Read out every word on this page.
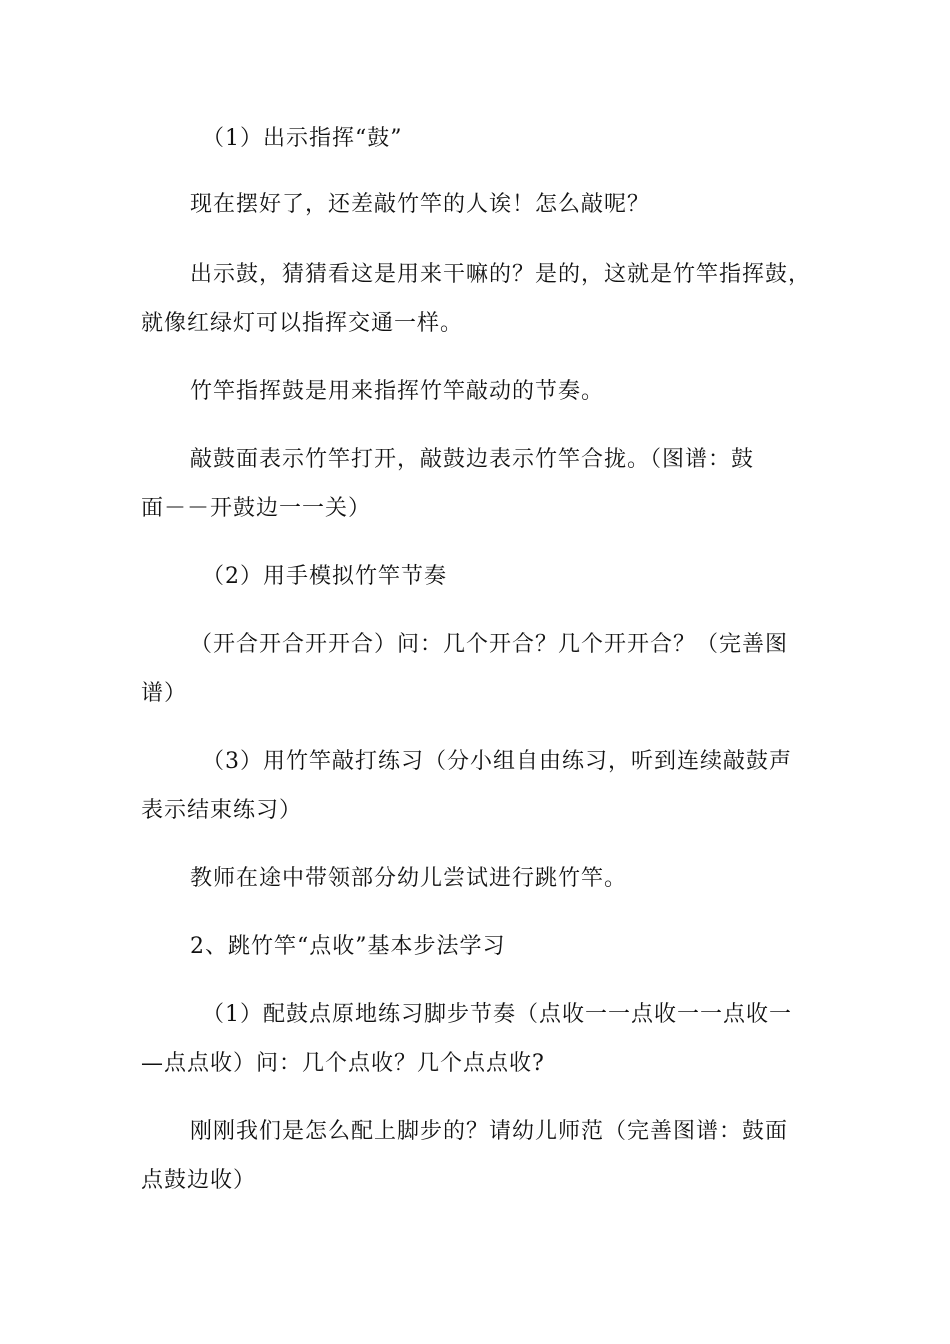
　（1）出示指挥“鼓”
现在摆好了，还差敲竹竿的人诶！怎么敲呢？
出示鼓，猜猜看这是用来干嘛的？是的，这就是竹竿指挥鼓，
就像红绿灯可以指挥交通一样。
竹竿指挥鼓是用来指挥竹竿敲动的节奏。
敲鼓面表示竹竿打开，敲鼓边表示竹竿合拢。（图谱：鼓
面－－开鼓边一一关）
　（2）用手模拟竹竿节奏
（开合开合开开合）问：几个开合？几个开开合？（完善图
谱）
　（3）用竹竿敲打练习（分小组自由练习，听到连续敲鼓声
表示结束练习）
教师在途中带领部分幼儿尝试进行跳竹竿。
2、跳竹竿“点收”基本步法学习
　（1）配鼓点原地练习脚步节奏（点收一一点收一一点收一
—点点收）问：几个点收？几个点点收?
刚刚我们是怎么配上脚步的？请幼儿师范（完善图谱：鼓面
点鼓边收）
